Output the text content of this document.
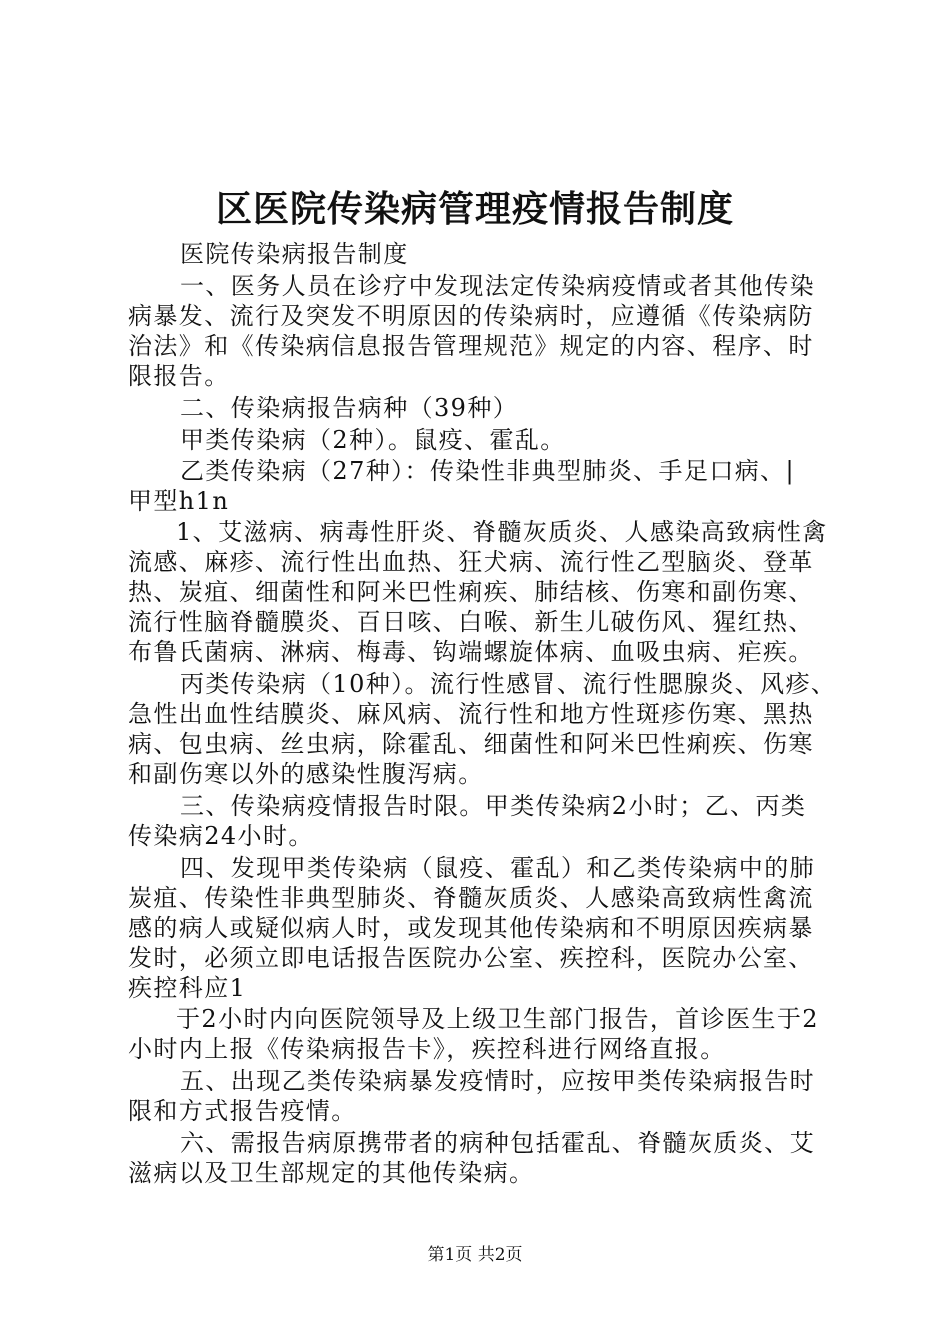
区医院传染病管理疫情报告制度
医院传染病报告制度
一、医务人员在诊疗中发现法定传染病疫情或者其他传染
病暴发、流行及突发不明原因的传染病时，应遵循《传染病防
治法》和《传染病信息报告管理规范》规定的内容、程序、时
限报告。
二、传染病报告病种（39种）
甲类传染病（2种）。鼠疫、霍乱。
乙类传染病（27种）：传染性非典型肺炎、手足口病、|
甲型h1n
1、艾滋病、病毒性肝炎、脊髓灰质炎、人感染高致病性禽
流感、麻疹、流行性出血热、狂犬病、流行性乙型脑炎、登革
热、炭疽、细菌性和阿米巴性痢疾、肺结核、伤寒和副伤寒、
流行性脑脊髓膜炎、百日咳、白喉、新生儿破伤风、猩红热、
布鲁氏菌病、淋病、梅毒、钩端螺旋体病、血吸虫病、疟疾。
丙类传染病（10种）。流行性感冒、流行性腮腺炎、风疹、
急性出血性结膜炎、麻风病、流行性和地方性斑疹伤寒、黑热
病、包虫病、丝虫病，除霍乱、细菌性和阿米巴性痢疾、伤寒
和副伤寒以外的感染性腹泻病。
三、传染病疫情报告时限。甲类传染病2小时；乙、丙类
传染病24小时。
四、发现甲类传染病（鼠疫、霍乱）和乙类传染病中的肺
炭疽、传染性非典型肺炎、脊髓灰质炎、人感染高致病性禽流
感的病人或疑似病人时，或发现其他传染病和不明原因疾病暴
发时，必须立即电话报告医院办公室、疾控科，医院办公室、
疾控科应1
于2小时内向医院领导及上级卫生部门报告，首诊医生于2
小时内上报《传染病报告卡》，疾控科进行网络直报。
五、出现乙类传染病暴发疫情时，应按甲类传染病报告时
限和方式报告疫情。
六、需报告病原携带者的病种包括霍乱、脊髓灰质炎、艾
滋病以及卫生部规定的其他传染病。
第1页 共2页
